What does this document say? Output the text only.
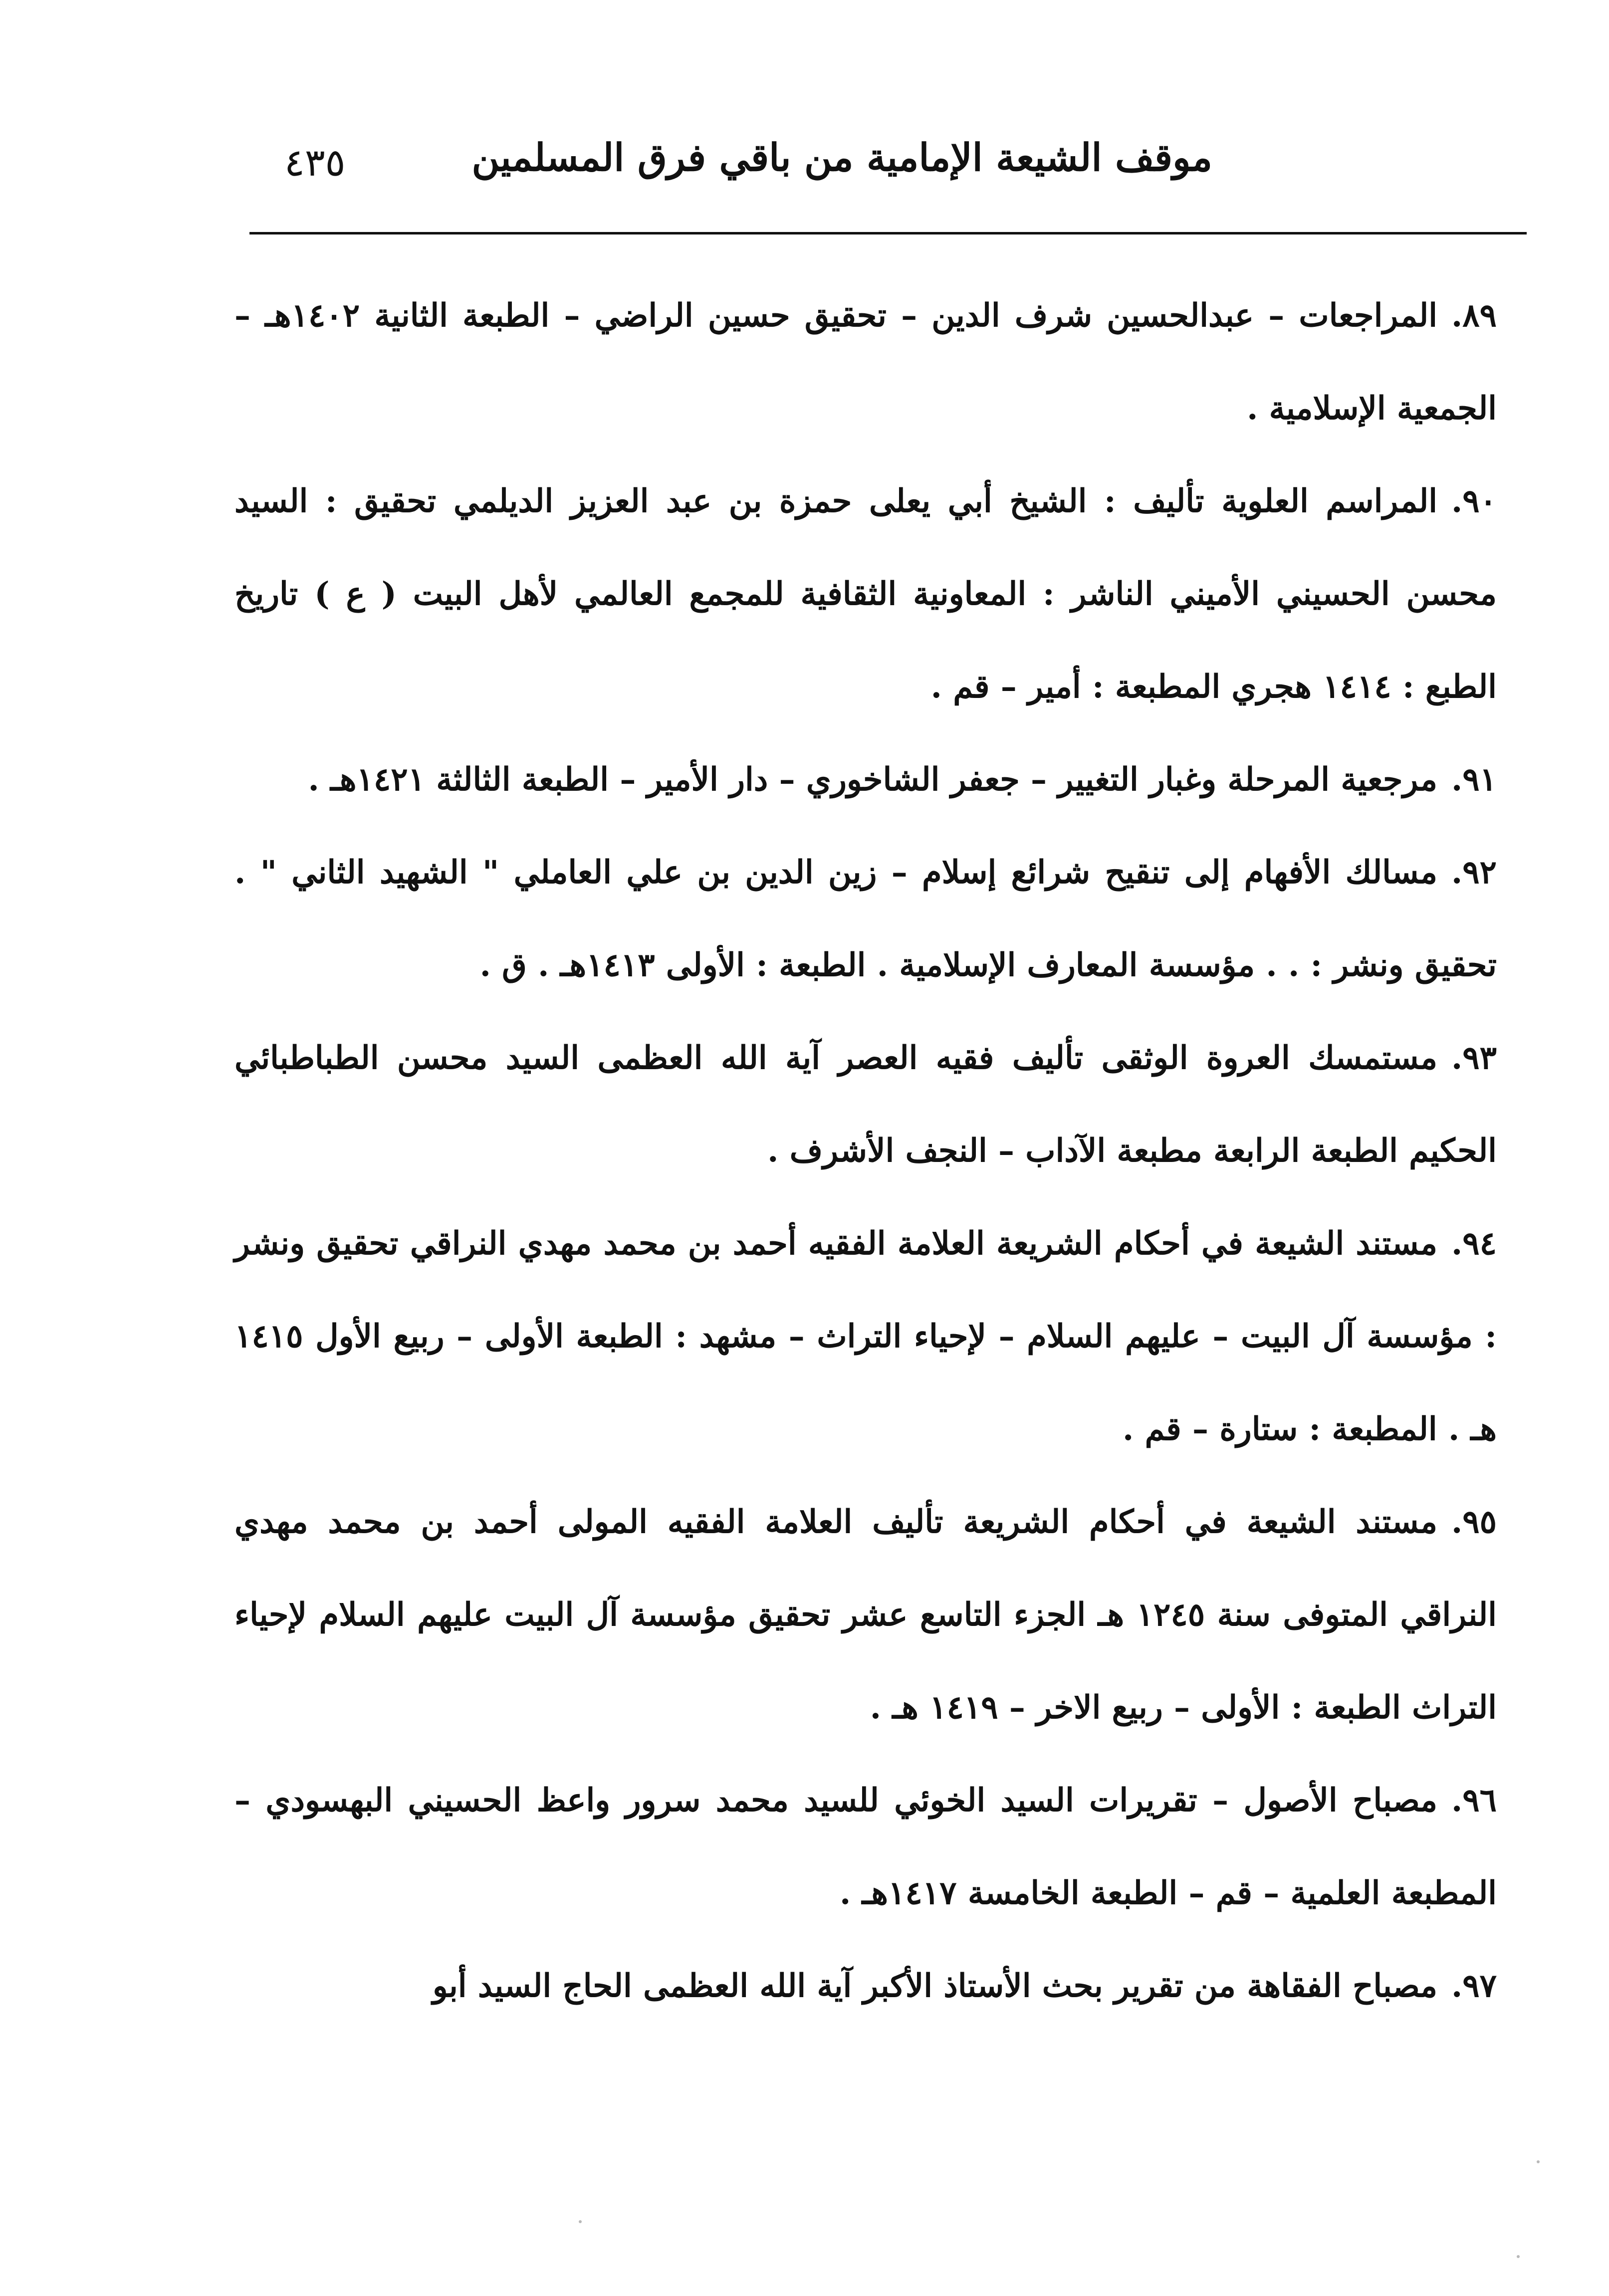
موقف الشيعة الإمامية من باقي فرق المسلمين
٤٣٥

٨٩.المراجعات – عبدالحسين شرف الدين – تحقيق حسين الراضي – الطبعة الثانية ١٤٠٢هـ – الجمعية الإسلامية .

٩٠.المراسم العلوية تأليف : الشيخ أبي يعلى حمزة بن عبد العزيز الديلمي تحقيق : السيد محسن الحسيني الأميني الناشر : المعاونية الثقافية للمجمع العالمي لأهل البيت ( ع ) تاريخ الطبع : ١٤١٤ هجري المطبعة : أمير – قم .

٩١.مرجعية المرحلة وغبار التغيير – جعفر الشاخوري – دار الأمير – الطبعة الثالثة ١٤٢١هـ .

٩٢.مسالك الأفهام إلى تنقيح شرائع إسلام – زين الدين بن علي العاملي " الشهيد الثاني " . تحقيق ونشر : . . مؤسسة المعارف الإسلامية . الطبعة : الأولى ١٤١٣هـ . ق .

٩٣.مستمسك العروة الوثقى تأليف فقيه العصر آية الله العظمى السيد محسن الطباطبائي الحكيم الطبعة الرابعة مطبعة الآداب – النجف الأشرف .

٩٤.مستند الشيعة في أحكام الشريعة العلامة الفقيه أحمد بن محمد مهدي النراقي تحقيق ونشر : مؤسسة آل البيت – عليهم السلام – لإحياء التراث – مشهد : الطبعة الأولى – ربيع الأول ١٤١٥ هـ . المطبعة : ستارة – قم .

٩٥.مستند الشيعة في أحكام الشريعة تأليف العلامة الفقيه المولى أحمد بن محمد مهدي النراقي المتوفى سنة ١٢٤٥ هـ الجزء التاسع عشر تحقيق مؤسسة آل البيت عليهم السلام لإحياء التراث الطبعة : الأولى – ربيع الاخر – ١٤١٩ هـ .

٩٦.مصباح الأصول – تقريرات السيد الخوئي للسيد محمد سرور واعظ الحسيني البهسودي – المطبعة العلمية – قم – الطبعة الخامسة ١٤١٧هـ .

٩٧.مصباح الفقاهة من تقرير بحث الأستاذ الأكبر آية الله العظمى الحاج السيد أبو
